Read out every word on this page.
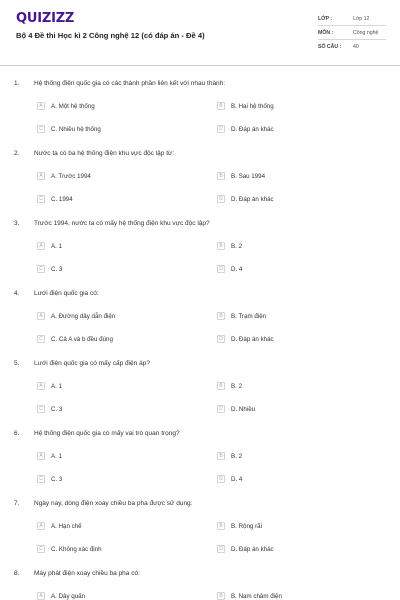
QUIZIZZ
Bộ 4 Đề thi Học kì 2 Công nghệ 12 (có đáp án - Đề 4)
LỚP :	Lớp 12
MÔN :	Công nghệ
SỐ CÂU :	40
1. Hệ thống điện quốc gia có các thành phần liên kết với nhau thành:
A	A. Một hệ thống	B	B. Hai hệ thống
C	C. Nhiều hệ thống	D	D. Đáp án khác
2. Nước ta có ba hệ thống điện khu vực độc lập từ:
A	A. Trước 1994	B	B. Sau 1994
C	C. 1994	D	D. Đáp án khác
3. Trước 1994, nước ta có mấy hệ thống điện khu vực độc lập?
A	A. 1	B	B. 2
C	C. 3	D	D. 4
4. Lưới điện quốc gia có:
A	A. Đường dây dẫn điện	B	B. Trạm điện
C	C. Cả A và b đều đúng	D	D. Đáp án khác
5. Lưới điện quốc gia có mấy cấp điện áp?
A	A. 1	B	B. 2
C	C. 3	D	D. Nhiều
6. Hệ thống điện quốc gia có mấy vai trò quan trọng?
A	A. 1	B	B. 2
C	C. 3	D	D. 4
7. Ngày nay, dòng điện xoay chiều ba pha được sử dụng:
A	A. Hạn chế	B	B. Rộng rãi
C	C. Không xác định	D	D. Đáp án khác
8. Máy phát điện xoay chiều ba pha có:
A	A. Dây quấn	B	B. Nam châm điện
